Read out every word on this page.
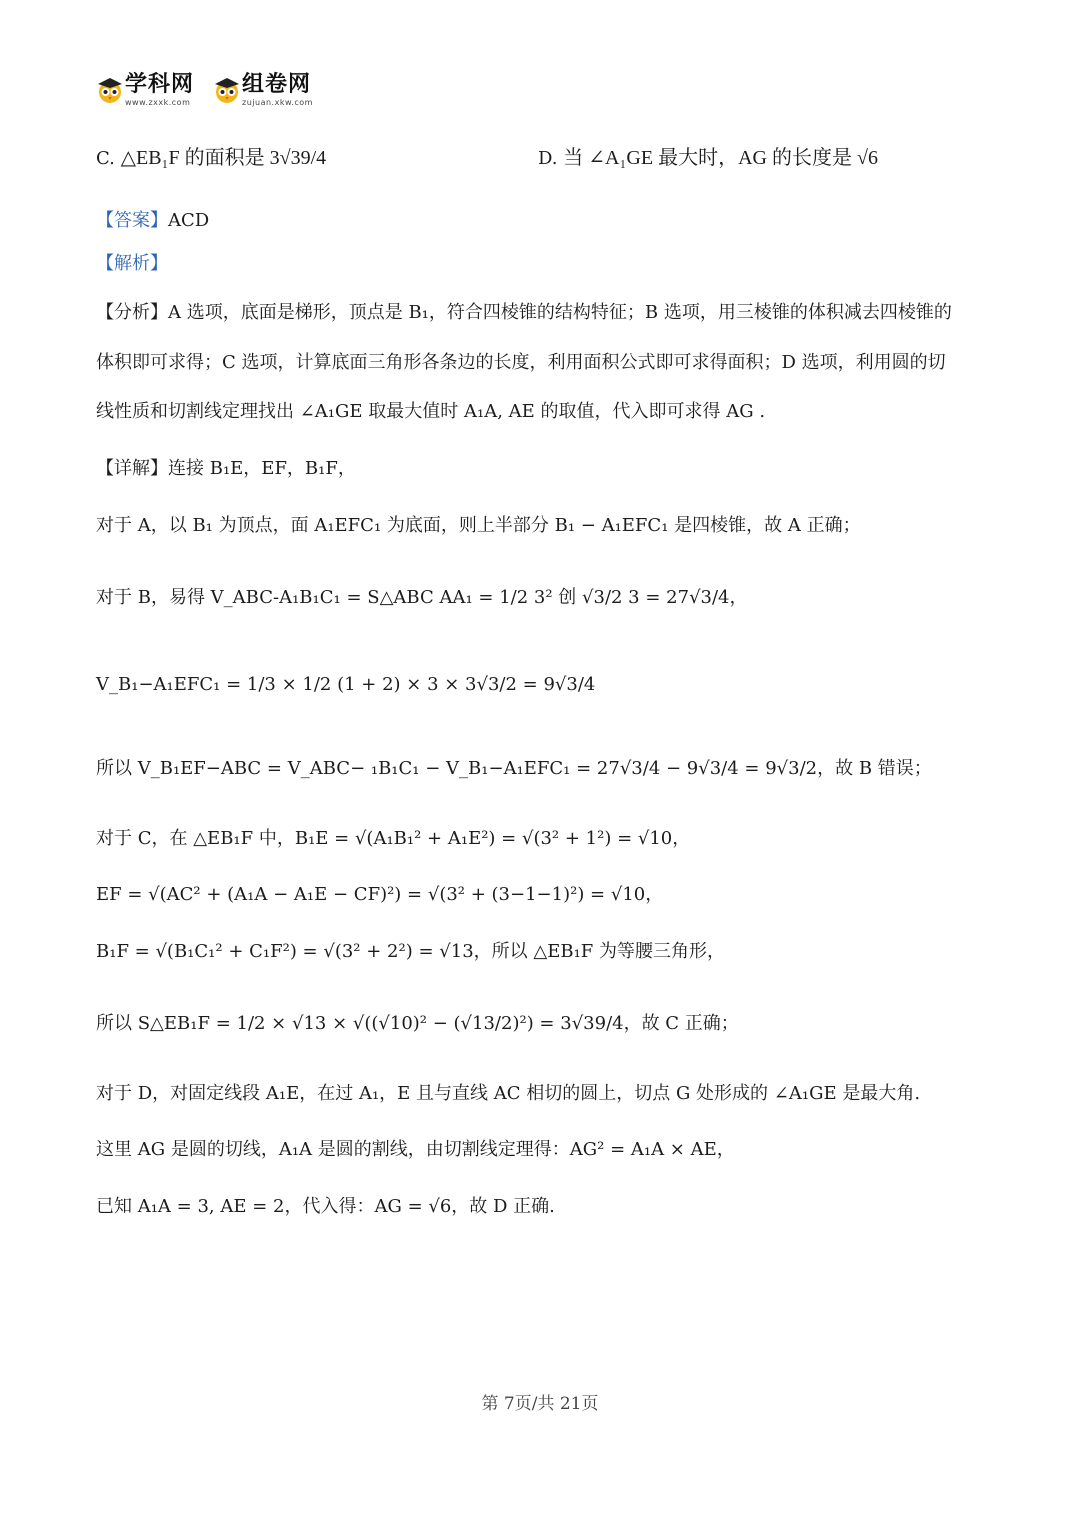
学科网
www.zxxk.com
组卷网
zujuan.xkw.com
C. △EB₁F 的面积是 3√39/4	D. 当 ∠A₁GE 最大时，AG 的长度是 √6
【答案】ACD
【解析】
【分析】A 选项，底面是梯形，顶点是 B₁，符合四棱锥的结构特征；B 选项，用三棱锥的体积减去四棱锥的
体积即可求得；C 选项，计算底面三角形各条边的长度，利用面积公式即可求得面积；D 选项，利用圆的切
线性质和切割线定理找出 ∠A₁GE 取最大值时 A₁A, AE 的取值，代入即可求得 AG .
【详解】连接 B₁E，EF，B₁F，
对于 A，以 B₁ 为顶点，面 A₁EFC₁ 为底面，则上半部分 B₁ − A₁EFC₁ 是四棱锥，故 A 正确；
对于 B，易得 V_ABC-A₁B₁C₁ = S△ABC AA₁ = 1/2 3² 创 √3/2 3 = 27√3/4，
V_B₁−A₁EFC₁ = 1/3 × 1/2 (1 + 2) × 3 × 3√3/2 = 9√3/4
所以 V_B₁EF−ABC = V_ABC− ₁B₁C₁ − V_B₁−A₁EFC₁ = 27√3/4 − 9√3/4 = 9√3/2，故 B 错误；
对于 C，在 △EB₁F 中，B₁E = √(A₁B₁² + A₁E²) = √(3² + 1²) = √10，
EF = √(AC² + (A₁A − A₁E − CF)²) = √(3² + (3−1−1)²) = √10，
B₁F = √(B₁C₁² + C₁F²) = √(3² + 2²) = √13，所以 △EB₁F 为等腰三角形，
所以 S△EB₁F = 1/2 × √13 × √((√10)² − (√13/2)²) = 3√39/4，故 C 正确；
对于 D，对固定线段 A₁E，在过 A₁，E 且与直线 AC 相切的圆上，切点 G 处形成的 ∠A₁GE 是最大角.
这里 AG 是圆的切线，A₁A 是圆的割线，由切割线定理得：AG² = A₁A × AE，
已知 A₁A = 3, AE = 2，代入得：AG = √6，故 D 正确.
第 7页/共 21页
